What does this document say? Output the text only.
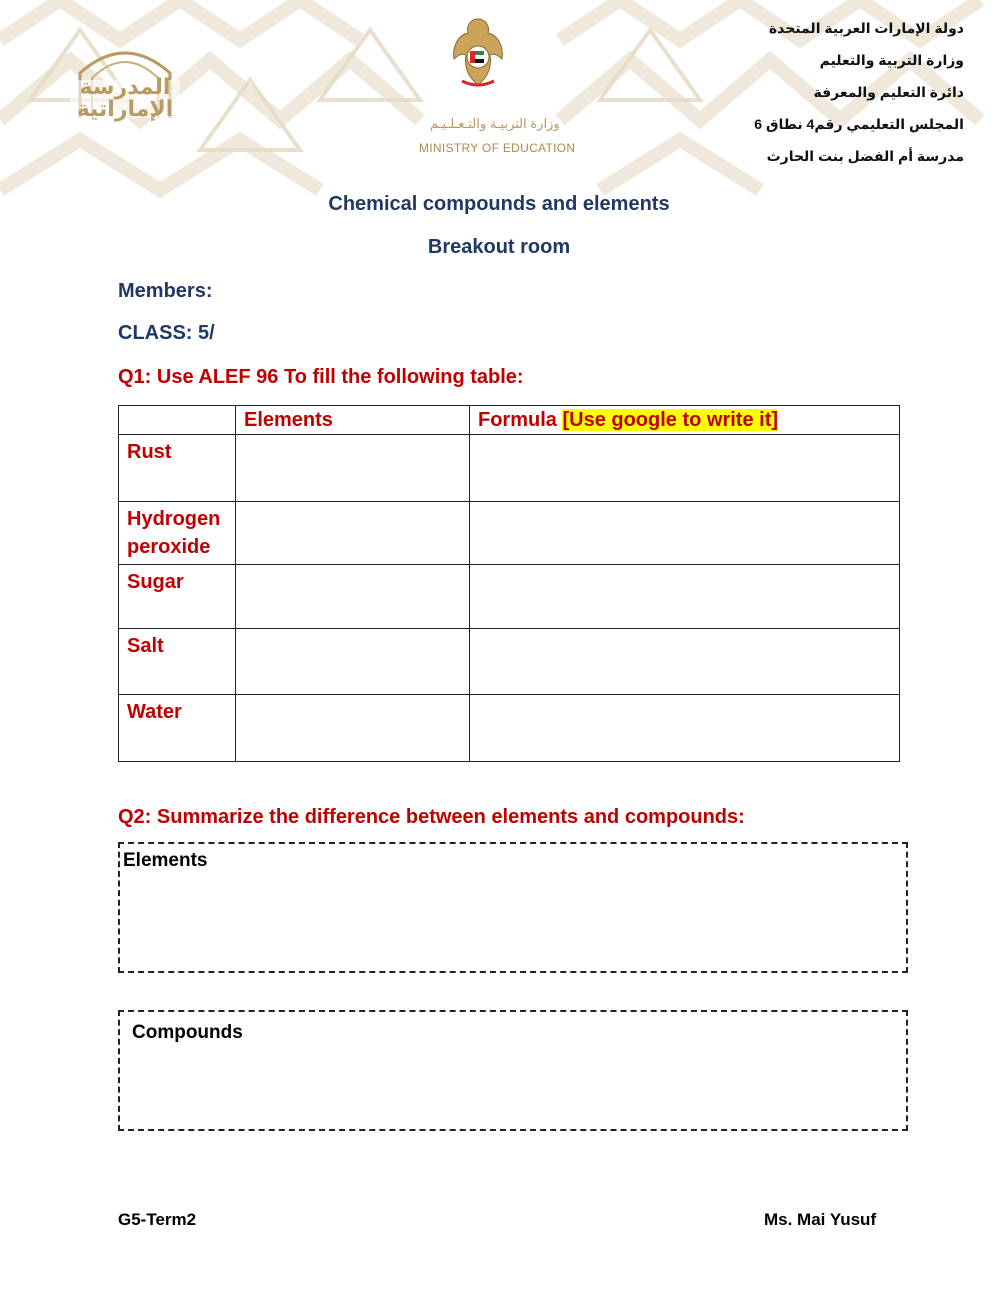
المدرسة الإماراتية
وزارة التربيـة والتـعـلـيـم
MINISTRY OF EDUCATION
دولة الإمارات العربية المتحدة
وزارة التربية والتعليم
دائرة التعليم والمعرفة
المجلس التعليمي رقم4 نطاق 6
مدرسة أم الفضل بنت الحارث
Chemical compounds and elements
Breakout room
Members:
CLASS: 5/
Q1: Use ALEF 96 To fill the following table:
	Elements	Formula [Use google to write it]
Rust		
Hydrogen peroxide		
Sugar		
Salt		
Water		
Q2: Summarize the difference between elements and compounds:
Elements
Compounds
G5-Term2	Ms. Mai Yusuf
